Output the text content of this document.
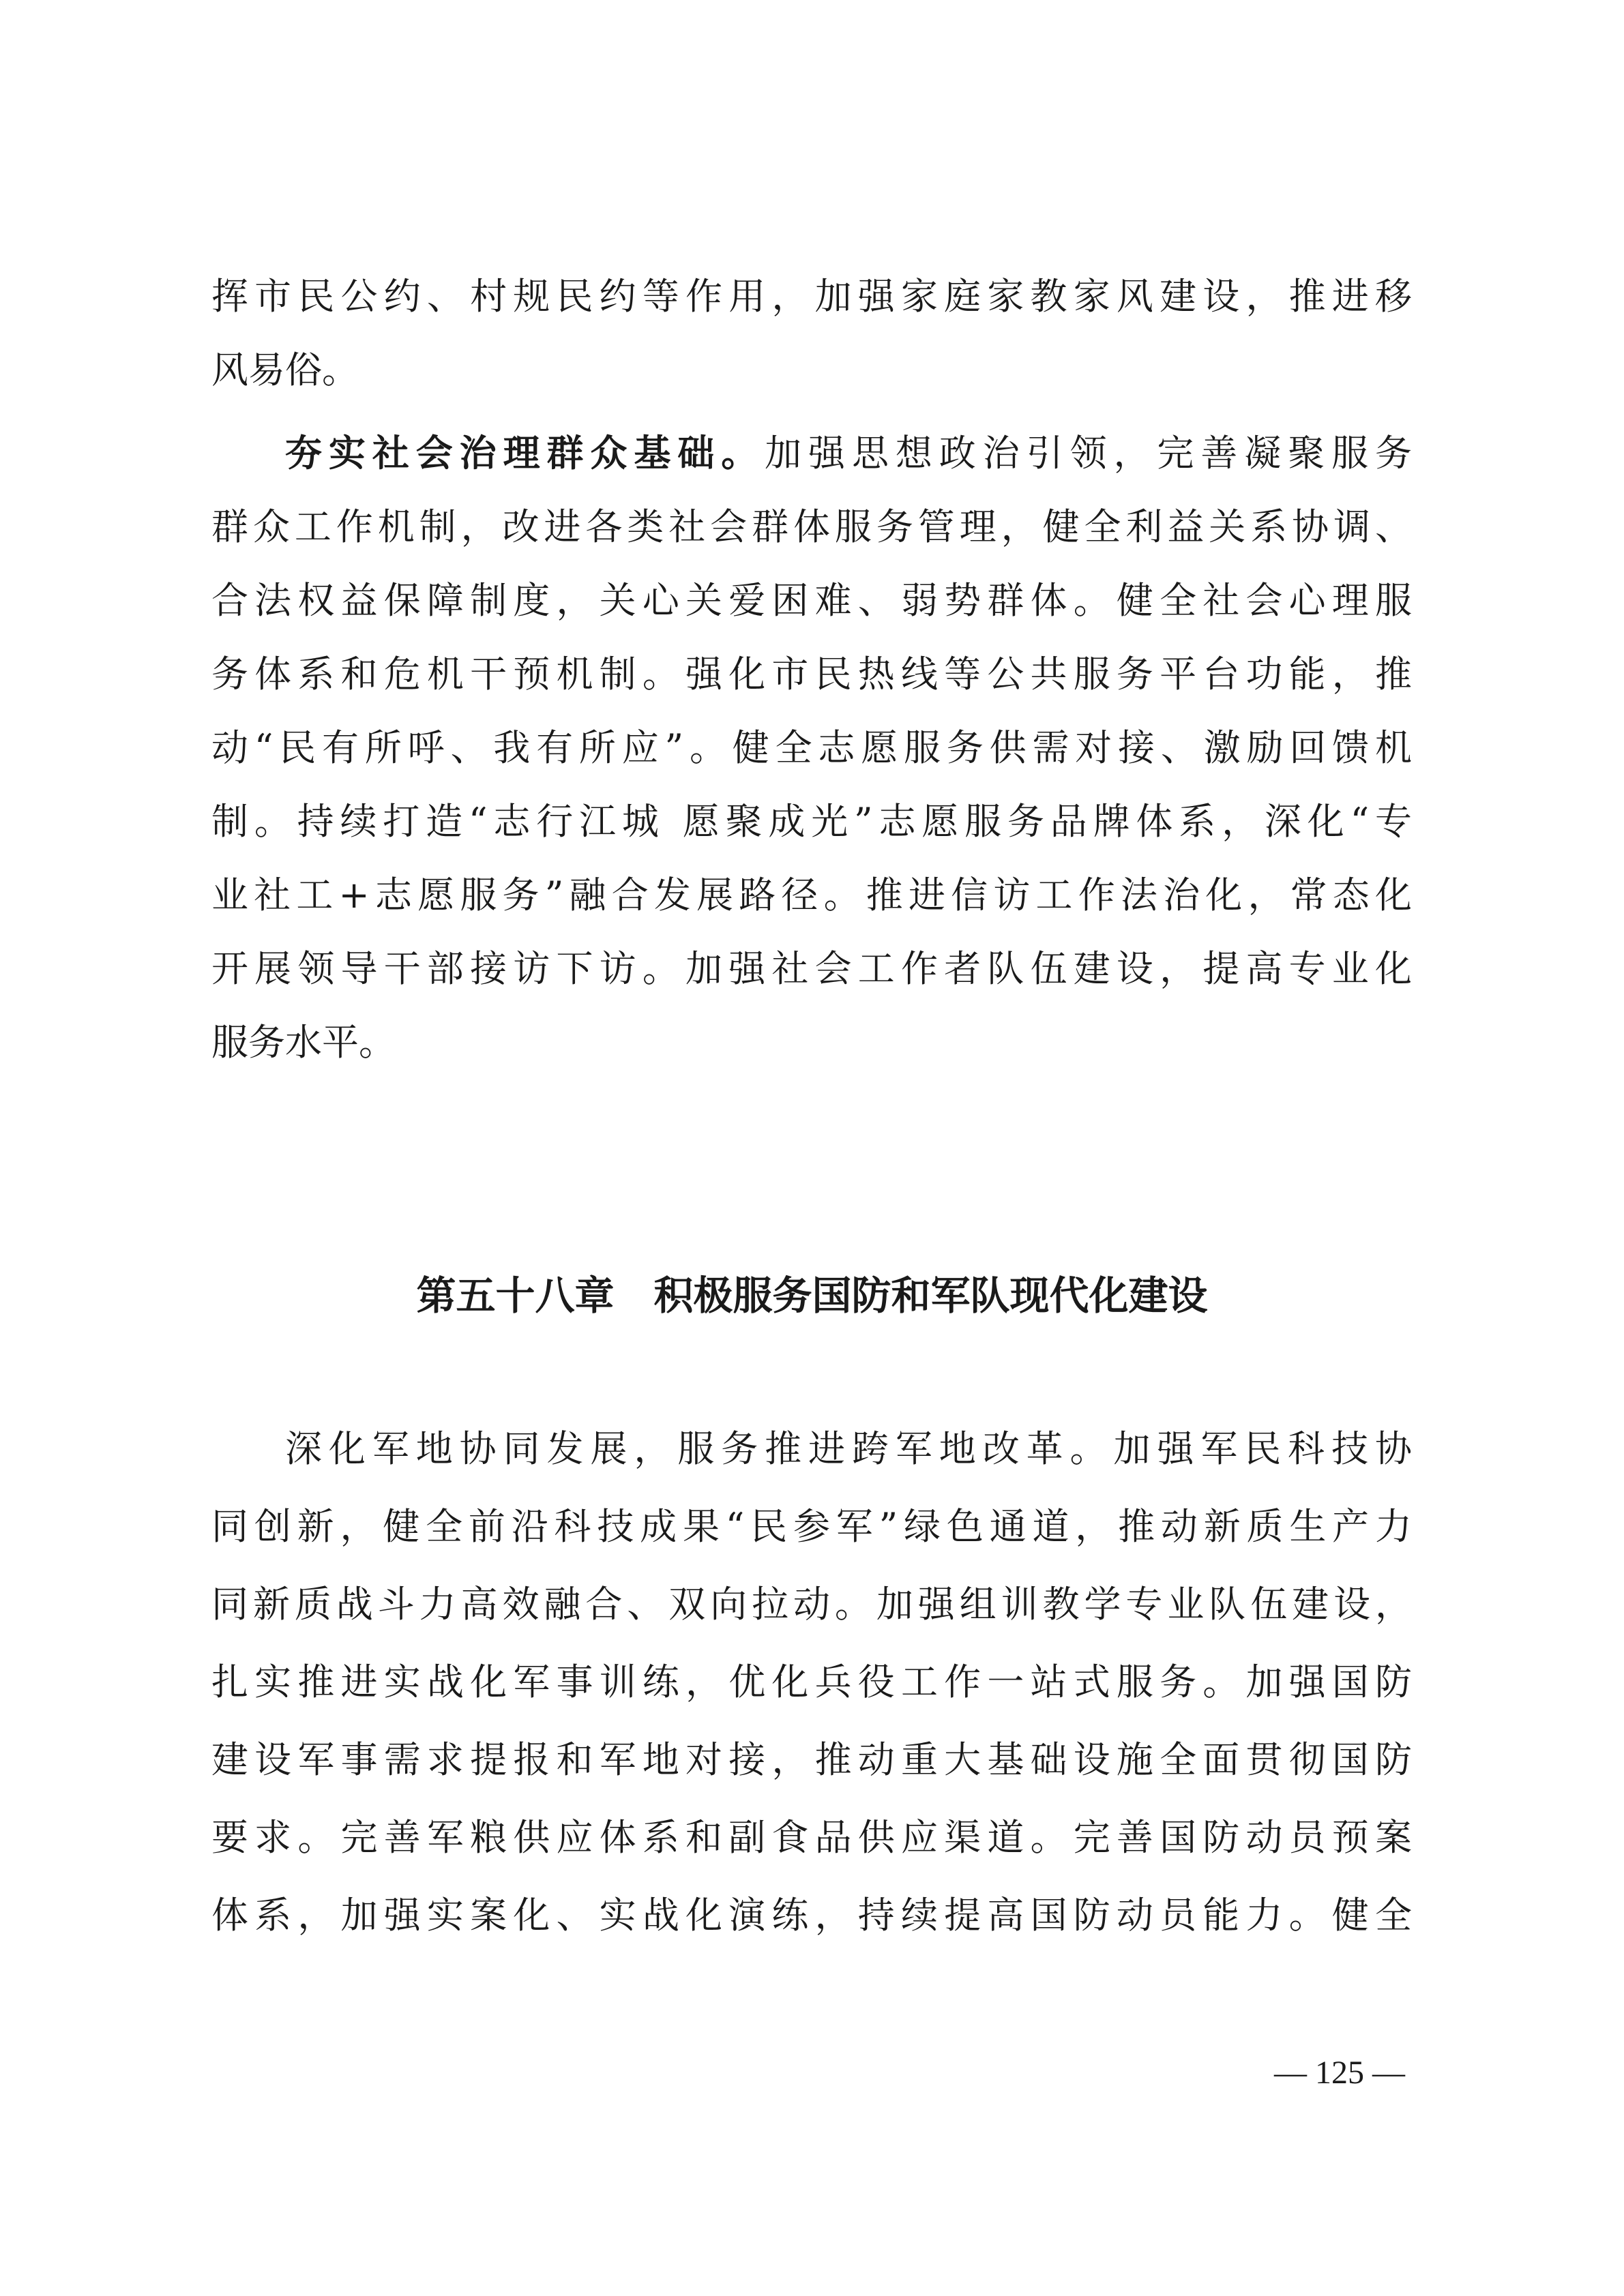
挥市民公约、村规民约等作用，加强家庭家教家风建设，推进移
风易俗。
夯实社会治理群众基础。加强思想政治引领，完善凝聚服务
群众工作机制，改进各类社会群体服务管理，健全利益关系协调、
合法权益保障制度，关心关爱困难、弱势群体。健全社会心理服
务体系和危机干预机制。强化市民热线等公共服务平台功能，推
动“民有所呼、我有所应”。健全志愿服务供需对接、激励回馈机
制。持续打造“志行江城 愿聚成光”志愿服务品牌体系，深化“专
业社工+志愿服务”融合发展路径。推进信访工作法治化，常态化
开展领导干部接访下访。加强社会工作者队伍建设，提高专业化
服务水平。
第五十八章　积极服务国防和军队现代化建设
深化军地协同发展，服务推进跨军地改革。加强军民科技协
同创新，健全前沿科技成果“民参军”绿色通道，推动新质生产力
同新质战斗力高效融合、双向拉动。加强组训教学专业队伍建设，
扎实推进实战化军事训练，优化兵役工作一站式服务。加强国防
建设军事需求提报和军地对接，推动重大基础设施全面贯彻国防
要求。完善军粮供应体系和副食品供应渠道。完善国防动员预案
体系，加强实案化、实战化演练，持续提高国防动员能力。健全
— 125 —
